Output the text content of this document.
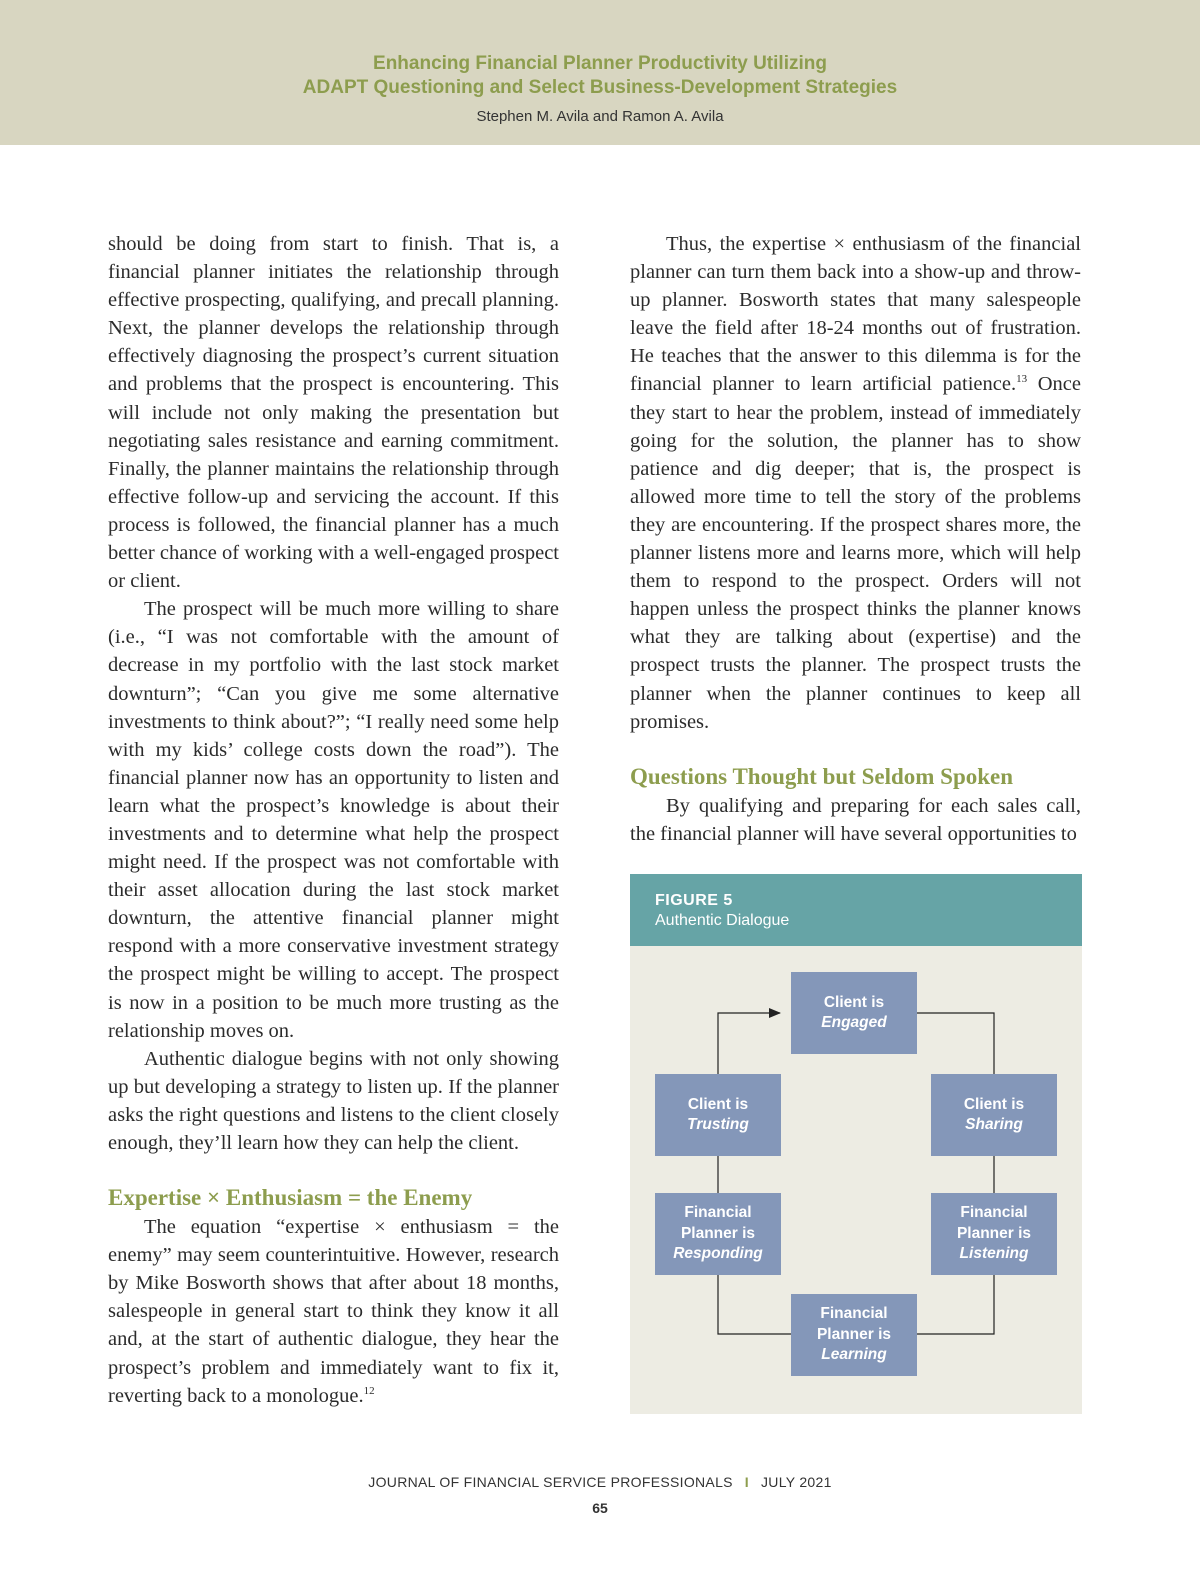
Enhancing Financial Planner Productivity Utilizing
ADAPT Questioning and Select Business-Development Strategies
Stephen M. Avila and Ramon A. Avila

should be doing from start to finish. That is, a financial planner initiates the relationship through effective prospecting, qualifying, and precall planning. Next, the planner develops the relationship through effectively diagnosing the prospect’s current situation and problems that the prospect is encountering. This will include not only making the presentation but negotiating sales resistance and earning commitment. Finally, the planner maintains the relationship through effective follow-up and servicing the account. If this process is followed, the financial planner has a much better chance of working with a well-engaged prospect or client.

The prospect will be much more willing to share (i.e., “I was not comfortable with the amount of decrease in my portfolio with the last stock market downturn”; “Can you give me some alternative investments to think about?”; “I really need some help with my kids’ college costs down the road”). The financial planner now has an opportunity to listen and learn what the prospect’s knowledge is about their investments and to determine what help the prospect might need. If the prospect was not comfortable with their asset allocation during the last stock market downturn, the attentive financial planner might respond with a more conservative investment strategy the prospect might be willing to accept. The prospect is now in a position to be much more trusting as the relationship moves on.

Authentic dialogue begins with not only showing up but developing a strategy to listen up. If the planner asks the right questions and listens to the client closely enough, they’ll learn how they can help the client.

Expertise × Enthusiasm = the Enemy

The equation “expertise × enthusiasm = the enemy” may seem counterintuitive. However, research by Mike Bosworth shows that after about 18 months, salespeople in general start to think they know it all and, at the start of authentic dialogue, they hear the prospect’s problem and immediately want to fix it, reverting back to a monologue.$^{12}$

Thus, the expertise × enthusiasm of the financial planner can turn them back into a show-up and throw-up planner. Bosworth states that many salespeople leave the field after 18-24 months out of frustration. He teaches that the answer to this dilemma is for the financial planner to learn artificial patience.$^{13}$ Once they start to hear the problem, instead of immediately going for the solution, the planner has to show patience and dig deeper; that is, the prospect is allowed more time to tell the story of the problems they are encountering. If the prospect shares more, the planner listens more and learns more, which will help them to respond to the prospect. Orders will not happen unless the prospect thinks the planner knows what they are talking about (expertise) and the prospect trusts the planner. The prospect trusts the planner when the planner continues to keep all promises.

Questions Thought but Seldom Spoken

By qualifying and preparing for each sales call, the financial planner will have several opportunities to

FIGURE 5
Authentic Dialogue
Client is
Engaged
Client is
Sharing
Financial
Planner is
Listening
Financial
Planner is
Learning
Financial
Planner is
Responding
Client is
Trusting
JOURNAL OF FINANCIAL SERVICE PROFESSIONALS I JULY 2021
65
